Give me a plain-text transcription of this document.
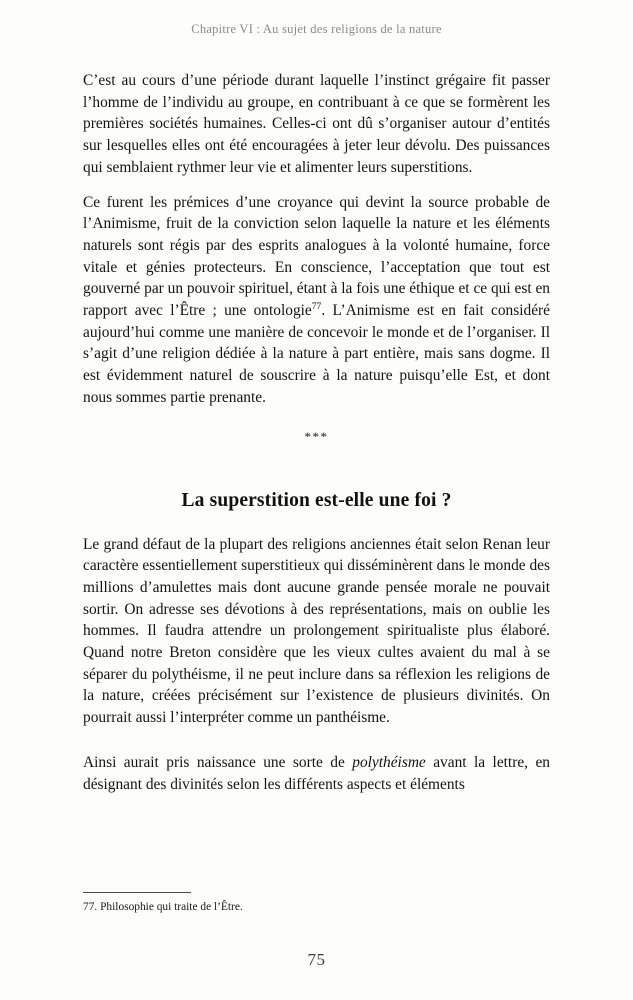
Chapitre VI : Au sujet des religions de la nature

C’est au cours d’une période durant laquelle l’instinct grégaire fit passer l’homme de l’individu au groupe, en contribuant à ce que se formèrent les premières sociétés humaines. Celles-ci ont dû s’organiser autour d’entités sur lesquelles elles ont été encouragées à jeter leur dévolu. Des puissances qui semblaient rythmer leur vie et alimenter leurs superstitions.

Ce furent les prémices d’une croyance qui devint la source probable de l’Animisme, fruit de la conviction selon laquelle la nature et les éléments naturels sont régis par des esprits analogues à la volonté humaine, force vitale et génies protecteurs. En conscience, l’acceptation que tout est gouverné par un pouvoir spirituel, étant à la fois une éthique et ce qui est en rapport avec l’Être ; une ontologie$^{77}$. L’Animisme est en fait considéré aujourd’hui comme une manière de concevoir le monde et de l’organiser. Il s’agit d’une religion dédiée à la nature à part entière, mais sans dogme. Il est évidemment naturel de souscrire à la nature puisqu’elle Est, et dont nous sommes partie prenante.

***
La superstition est-elle une foi ?

Le grand défaut de la plupart des religions anciennes était selon Renan leur caractère essentiellement superstitieux qui disséminèrent dans le monde des millions d’amulettes mais dont aucune grande pensée morale ne pouvait sortir. On adresse ses dévotions à des représentations, mais on oublie les hommes. Il faudra attendre un prolongement spiritualiste plus élaboré. Quand notre Breton considère que les vieux cultes avaient du mal à se séparer du polythéisme, il ne peut inclure dans sa réflexion les religions de la nature, créées précisément sur l’existence de plusieurs divinités. On pourrait aussi l’interpréter comme un panthéisme.

Ainsi aurait pris naissance une sorte de polythéisme avant la lettre, en désignant des divinités selon les différents aspects et éléments

77. Philosophie qui traite de l’Être.

75
